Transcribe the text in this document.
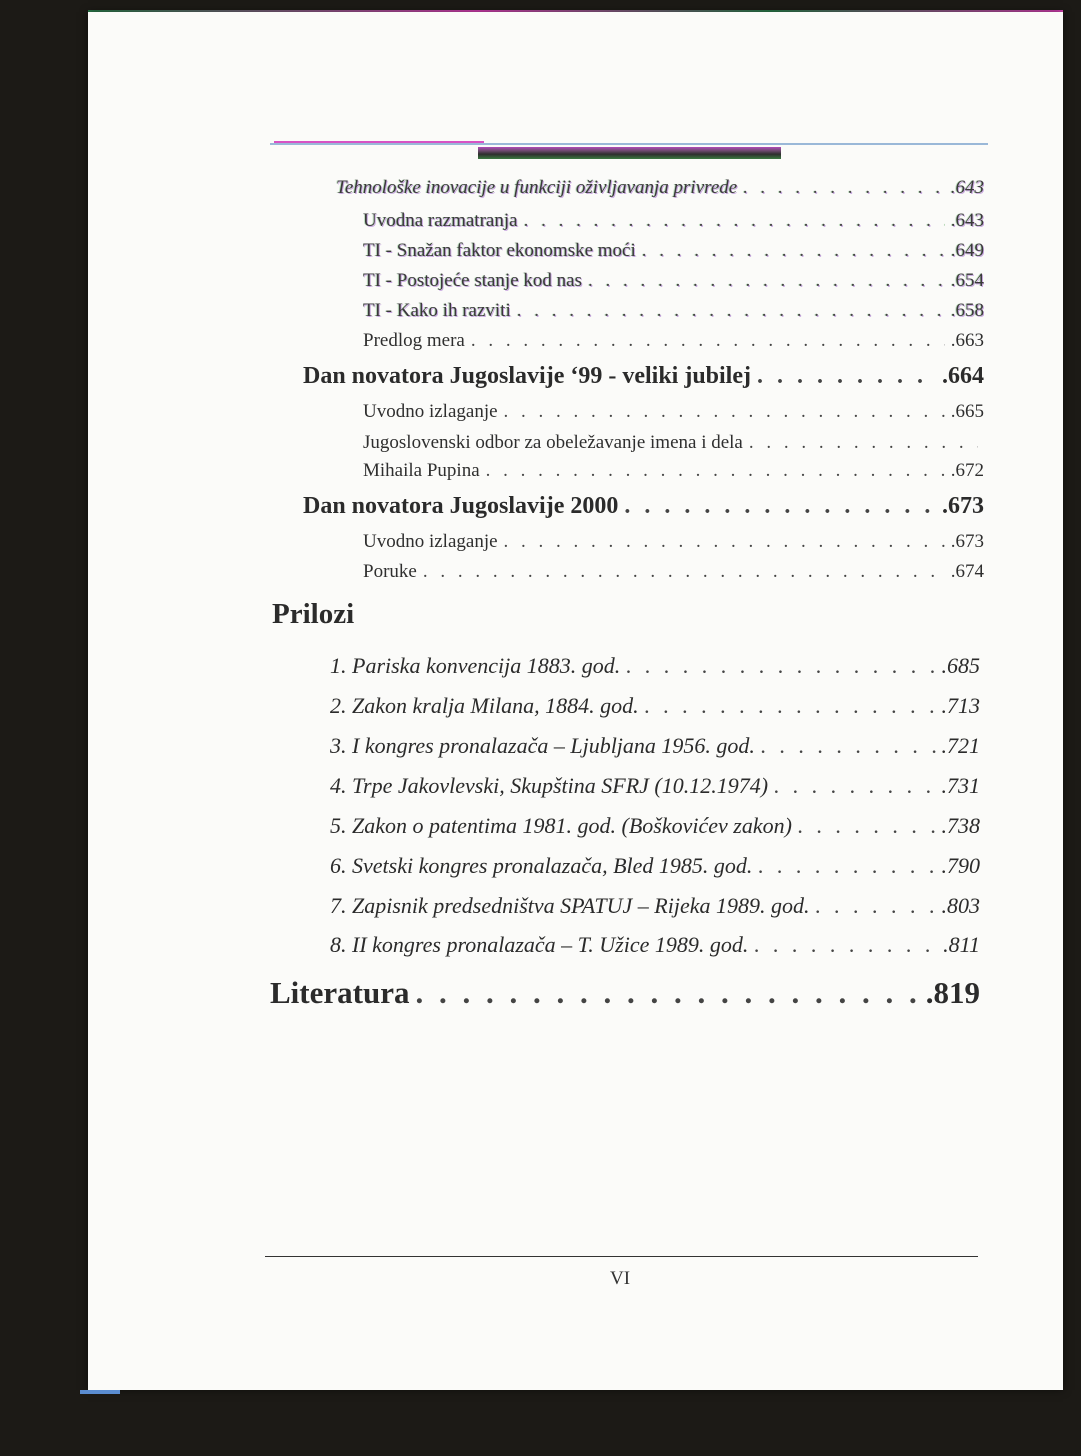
Tehnološke inovacije u funkciji oživljavanja privrede . . .	.643
Uvodna razmatranja . . .	.643
TI - Snažan faktor ekonomske moći . . .	.649
TI - Postojeće stanje kod nas . . .	.654
TI - Kako ih razviti . . .	.658
Predlog mera . . .	.663
Dan novatora Jugoslavije ‘99 - veliki jubilej . . .	.664
Uvodno izlaganje . . .	.665
Jugoslovenski odbor za obeležavanje imena i dela
. . .
Mihaila Pupina . . .	.672
Dan novatora Jugoslavije 2000 . . .	.673
Uvodno izlaganje . . .	.673
Poruke . . .	.674
Prilozi
1. Pariska konvencija 1883. god. . . .	.685
2. Zakon kralja Milana, 1884. god. . . .	.713
3. I kongres pronalazača – Ljubljana 1956. god. . . .	.721
4. Trpe Jakovlevski, Skupština SFRJ (10.12.1974) . . .	.731
5. Zakon o patentima 1981. god. (Boškovićev zakon) . . .	.738
6. Svetski kongres pronalazača, Bled 1985. god. . . .	.790
7. Zapisnik predsedništva SPATUJ – Rijeka 1989. god. . . .	.803
8. II kongres pronalazača – T. Užice 1989. god. . . .	.811
Literatura . . .	.819
VI
